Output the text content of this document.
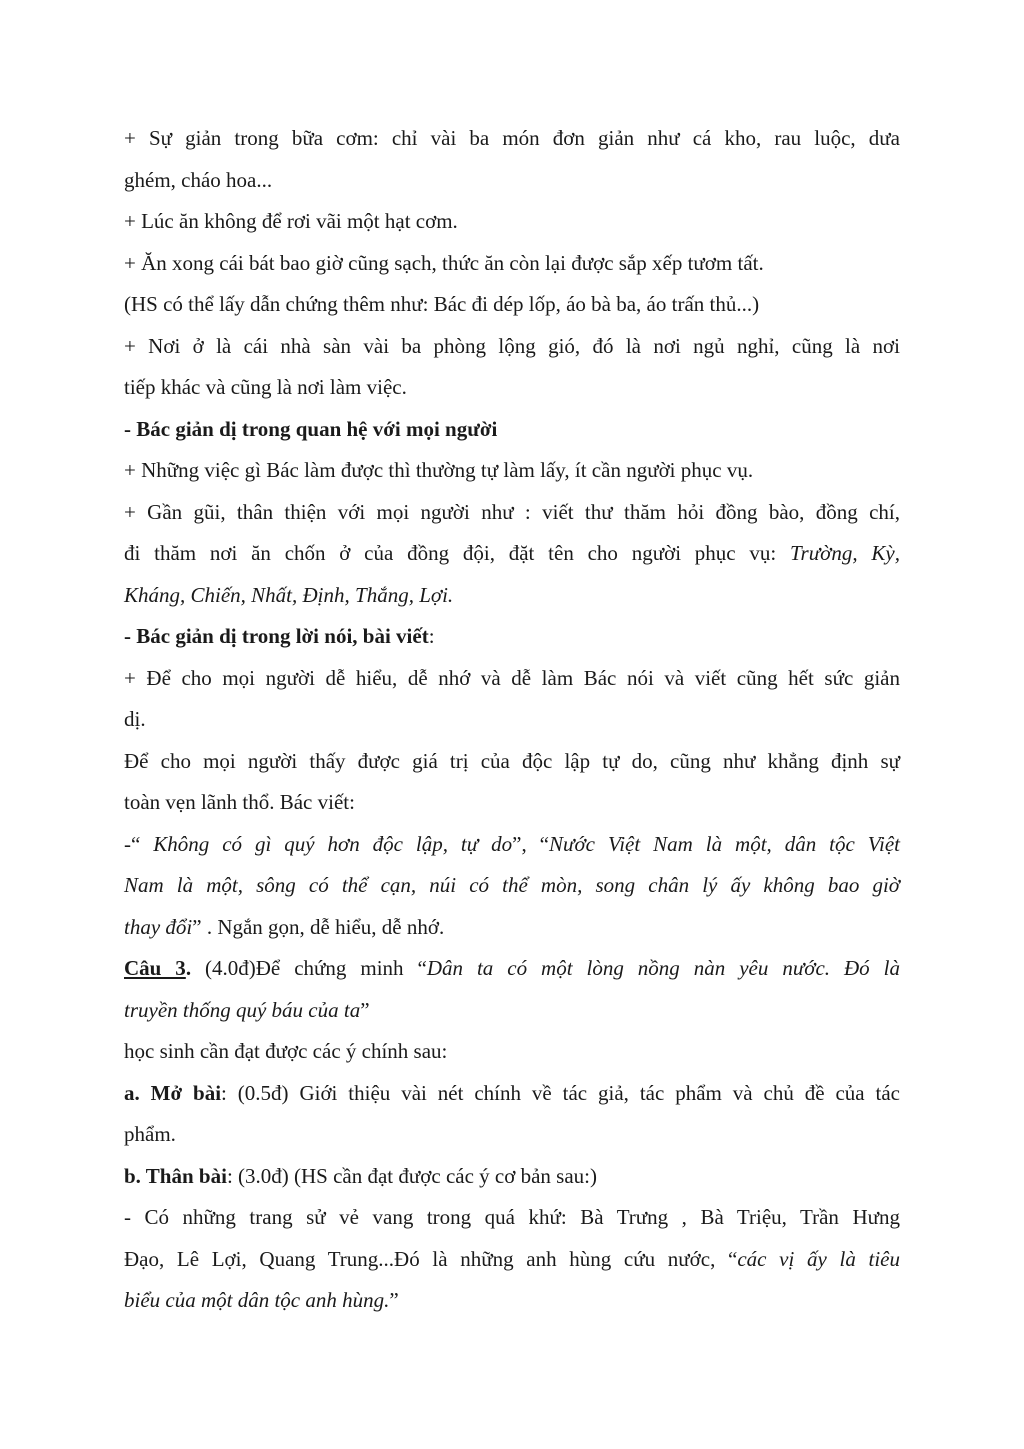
+ Sự giản trong bữa cơm: chỉ vài ba món đơn giản như cá kho, rau luộc, dưa

ghém, cháo hoa...

+ Lúc ăn không để rơi vãi một hạt cơm.

+ Ăn xong cái bát bao giờ cũng sạch, thức ăn còn lại được sắp xếp tươm tất.

(HS có thể lấy dẫn chứng thêm như: Bác đi dép lốp, áo bà ba, áo trấn thủ...)

+ Nơi ở là cái nhà sàn vài ba phòng lộng gió, đó là nơi ngủ nghỉ, cũng là nơi

tiếp khác và cũng là nơi làm việc.

- Bác giản dị trong quan hệ với mọi người

+ Những việc gì Bác làm được thì thường tự làm lấy, ít cần người phục vụ.

+ Gần gũi, thân thiện với mọi người như : viết thư thăm hỏi đồng bào, đồng chí,

đi thăm nơi ăn chốn ở của đồng đội, đặt tên cho người phục vụ: Trường, Kỳ,

Kháng, Chiến, Nhất, Định, Thắng, Lợi.

- Bác giản dị trong lời nói, bài viết:

+ Để cho mọi người dễ hiểu, dễ nhớ và dễ làm Bác nói và viết cũng hết sức giản

dị.

Để cho mọi người thấy được giá trị của độc lập tự do, cũng như khẳng định sự

toàn vẹn lãnh thổ. Bác viết:

-“ Không có gì quý hơn độc lập, tự do”, “Nước Việt Nam là một, dân tộc Việt

Nam là một, sông có thể cạn, núi có thể mòn, song chân lý ấy không bao giờ

thay đổi” . Ngắn gọn, dễ hiểu, dễ nhớ.

Câu 3. (4.0đ)Để chứng minh “Dân ta có một lòng nồng nàn yêu nước. Đó là

truyền thống quý báu của ta”

học sinh cần đạt được các ý chính sau:

a. Mở bài: (0.5đ) Giới thiệu vài nét chính về tác giả, tác phẩm và chủ đề của tác

phẩm.

b. Thân bài: (3.0đ) (HS cần đạt được các ý cơ bản sau:)

- Có những trang sử vẻ vang trong quá khứ: Bà Trưng , Bà Triệu, Trần Hưng

Đạo, Lê Lợi, Quang Trung...Đó là những anh hùng cứu nước, “các vị ấy là tiêu

biểu của một dân tộc anh hùng.”
